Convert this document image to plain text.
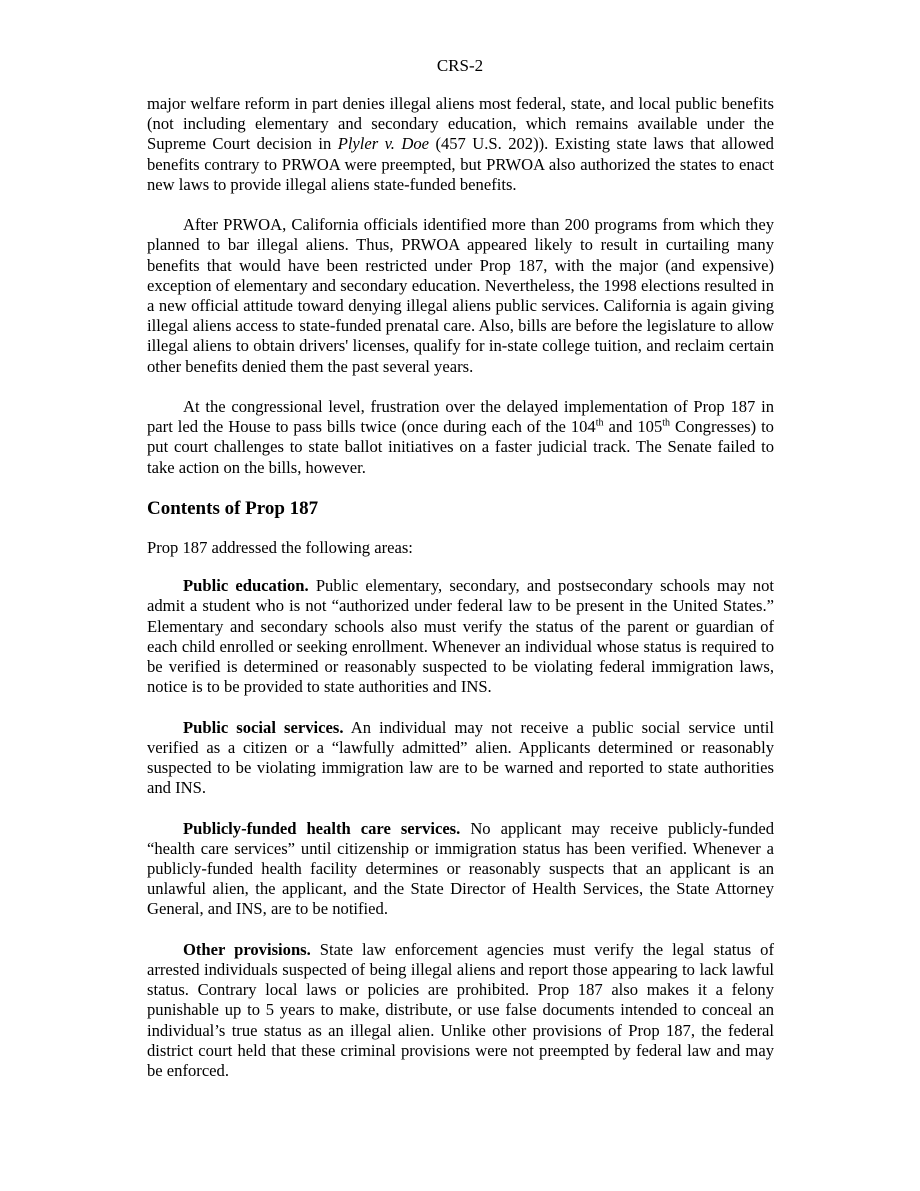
CRS-2

major welfare reform in part denies illegal aliens most federal, state, and local public benefits (not including elementary and secondary education, which remains available under the Supreme Court decision in Plyler v. Doe (457 U.S. 202)). Existing state laws that allowed benefits contrary to PRWOA were preempted, but PRWOA also authorized the states to enact new laws to provide illegal aliens state-funded benefits.

After PRWOA, California officials identified more than 200 programs from which they planned to bar illegal aliens. Thus, PRWOA appeared likely to result in curtailing many benefits that would have been restricted under Prop 187, with the major (and expensive) exception of elementary and secondary education. Nevertheless, the 1998 elections resulted in a new official attitude toward denying illegal aliens public services. California is again giving illegal aliens access to state-funded prenatal care. Also, bills are before the legislature to allow illegal aliens to obtain drivers' licenses, qualify for in-state college tuition, and reclaim certain other benefits denied them the past several years.

At the congressional level, frustration over the delayed implementation of Prop 187 in part led the House to pass bills twice (once during each of the 104th and 105th Congresses) to put court challenges to state ballot initiatives on a faster judicial track. The Senate failed to take action on the bills, however.

Contents of Prop 187

Prop 187 addressed the following areas:

Public education. Public elementary, secondary, and postsecondary schools may not admit a student who is not “authorized under federal law to be present in the United States.” Elementary and secondary schools also must verify the status of the parent or guardian of each child enrolled or seeking enrollment. Whenever an individual whose status is required to be verified is determined or reasonably suspected to be violating federal immigration laws, notice is to be provided to state authorities and INS.

Public social services. An individual may not receive a public social service until verified as a citizen or a “lawfully admitted” alien. Applicants determined or reasonably suspected to be violating immigration law are to be warned and reported to state authorities and INS.

Publicly-funded health care services. No applicant may receive publicly-funded “health care services” until citizenship or immigration status has been verified. Whenever a publicly-funded health facility determines or reasonably suspects that an applicant is an unlawful alien, the applicant, and the State Director of Health Services, the State Attorney General, and INS, are to be notified.

Other provisions. State law enforcement agencies must verify the legal status of arrested individuals suspected of being illegal aliens and report those appearing to lack lawful status. Contrary local laws or policies are prohibited. Prop 187 also makes it a felony punishable up to 5 years to make, distribute, or use false documents intended to conceal an individual’s true status as an illegal alien. Unlike other provisions of Prop 187, the federal district court held that these criminal provisions were not preempted by federal law and may be enforced.
